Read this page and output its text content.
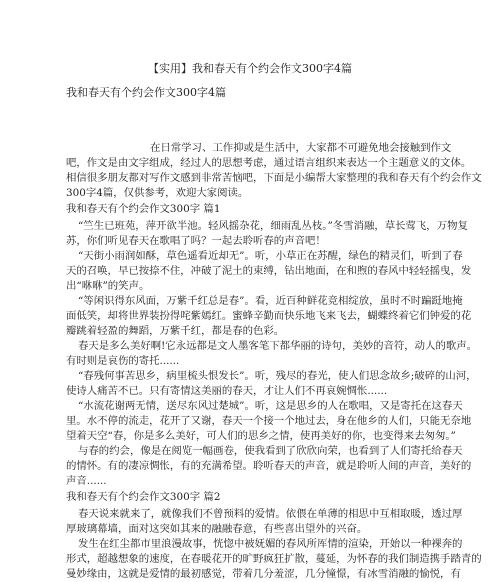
【实用】我和春天有个约会作文300字4篇
我和春天有个约会作文300字4篇
在日常学习、工作抑或是生活中，大家都不可避免地会接触到作文
吧，作文是由文字组成，经过人的思想考虑，通过语言组织来表达一个主题意义的文体。
相信很多朋友都对写作文感到非常苦恼吧，下面是小编帮大家整理的我和春天有个约会作文
300字4篇，仅供参考，欢迎大家阅读。
我和春天有个约会作文300字 篇1
“竺生已班苑，萍开欲半池。轻风摇杂花，细雨乱丛枝。”冬雪消融，草长莺飞，万物复
苏，你们听见春天在歌唱了吗？一起去聆听春的声音吧！
“天街小雨润如酥，草色遥看近却无”。听，小草正在苏醒，绿色的精灵们，听到了春
天的召唤，早已按捺不住，冲破了泥土的束缚，钻出地面，在和煦的春风中轻轻摇曳，发
出“咻咻”的笑声。
“等闲识得东风面，万紫千红总是春”。看，近百种鲜花竞相绽放，虽时不时蹁跹地掩
面低笑，却将世界装扮得咤紫嫣红。蜜蜂辛勤而快乐地飞来飞去，蝴蝶终着它们钟爱的花
瓣跳着轻盈的舞蹈，万紫千红，都是春的色彩。
春天是多么美好啊!它永远都是文人墨客笔下都华丽的诗句，美妙的音符，动人的歌声。
有时则是哀伤的寄托......
“春残何事苦思乡，病里梳头恨发长”。听，残尽的春光，使人们思念故乡;破碎的山河，
使诗人痛苦不已。只有寄情这美丽的春天，才让人们不再哀婉惆怅......
“水流花谢两无情，送尽东风过楚城”。听，这是思乡的人在歌唱，又是寄托在这春天
里。水不停的流走，花开了又谢，春天一个接一个地过去，身在他乡的人们，只能无奈地
望着天空“春，你是多么美好，可人们的思乡之情，使再美好的你，也变得来去匆匆。”
与春的约会，像是在阅览一幅画卷，使我看到了欣欣向荣，也看到了人们寄托给春天
的情怀。有的凄凉惆怅，有的充满希望。聆听春天的声音，就是聆听人间的声音，美好的
声音......
我和春天有个约会作文300字 篇2
春天说来就来了，就像我们不曾预料的爱情。依偎在单薄的相思中互相取暖，透过厚
厚玻璃幕墙，面对这突如其来的融融春意，有些喜出望外的兴奋。
发生在红尘都市里浪漫故事，恍惚中被妩媚的春风所厍情的渲染，开始以一种裸奔的
形式，超越想象的速度，在春暖花开的旷野疯狂扩散，蔓延，为怀春的我们制造携手踏青的
曼妙缘由，这就是爱情的最初感觉，带着几分羞涩，几分憧憬，有冰雪消融的愉悦，有
